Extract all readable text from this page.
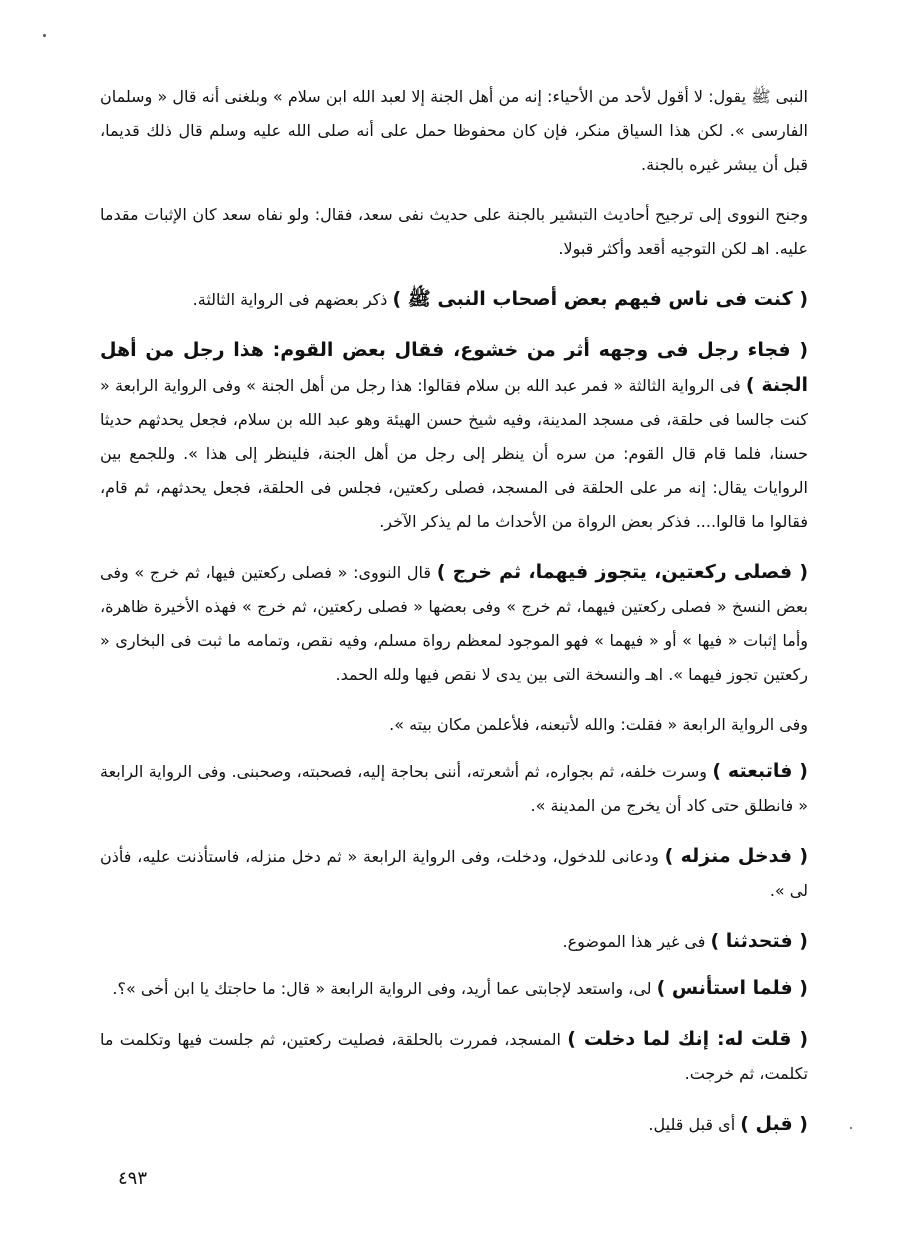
النبى ﷺ يقول: لا أقول لأحد من الأحياء: إنه من أهل الجنة إلا لعبد الله ابن سلام » وبلغنى أنه قال « وسلمان الفارسى ». لكن هذا السياق منكر، فإن كان محفوظا حمل على أنه صلى الله عليه وسلم قال ذلك قديما، قبل أن يبشر غيره بالجنة.

وجنح النووى إلى ترجيح أحاديث التبشير بالجنة على حديث نفى سعد، فقال: ولو نفاه سعد كان الإثبات مقدما عليه. اهـ لكن التوجيه أقعد وأكثر قبولا.

( كنت فى ناس فيهم بعض أصحاب النبى ﷺ ) ذكر بعضهم فى الرواية الثالثة.

( فجاء رجل فى وجهه أثر من خشوع، فقال بعض القوم: هذا رجل من أهل الجنة ) فى الرواية الثالثة « فمر عبد الله بن سلام فقالوا: هذا رجل من أهل الجنة » وفى الرواية الرابعة « كنت جالسا فى حلقة، فى مسجد المدينة، وفيه شيخ حسن الهيئة وهو عبد الله بن سلام، فجعل يحدثهم حديثا حسنا، فلما قام قال القوم: من سره أن ينظر إلى رجل من أهل الجنة، فلينظر إلى هذا ». وللجمع بين الروايات يقال: إنه مر على الحلقة فى المسجد، فصلى ركعتين، فجلس فى الحلقة، فجعل يحدثهم، ثم قام، فقالوا ما قالوا.... فذكر بعض الرواة من الأحداث ما لم يذكر الآخر.

( فصلى ركعتين، يتجوز فيهما، ثم خرج ) قال النووى: « فصلى ركعتين فيها، ثم خرج » وفى بعض النسخ « فصلى ركعتين فيهما، ثم خرج » وفى بعضها « فصلى ركعتين، ثم خرج » فهذه الأخيرة ظاهرة، وأما إثبات « فيها » أو « فيهما » فهو الموجود لمعظم رواة مسلم، وفيه نقص، وتمامه ما ثبت فى البخارى « ركعتين تجوز فيهما ». اهـ والنسخة التى بين يدى لا نقص فيها ولله الحمد.

وفى الرواية الرابعة « فقلت: والله لأتبعنه، فلأعلمن مكان بيته ».

( فاتبعته ) وسرت خلفه، ثم بجواره، ثم أشعرته، أننى بحاجة إليه، فصحبته، وصحبنى. وفى الرواية الرابعة « فانطلق حتى كاد أن يخرج من المدينة ».

( فدخل منزله ) ودعانى للدخول، ودخلت، وفى الرواية الرابعة « ثم دخل منزله، فاستأذنت عليه، فأذن لى ».

( فتحدثنا ) فى غير هذا الموضوع.

( فلما استأنس ) لى، واستعد لإجابتى عما أريد، وفى الرواية الرابعة « قال: ما حاجتك يا ابن أخى »؟.

( قلت له: إنك لما دخلت ) المسجد، فمررت بالحلقة، فصليت ركعتين، ثم جلست فيها وتكلمت ما تكلمت، ثم خرجت.

( قبل ) أى قبل قليل.

٤٩٣
